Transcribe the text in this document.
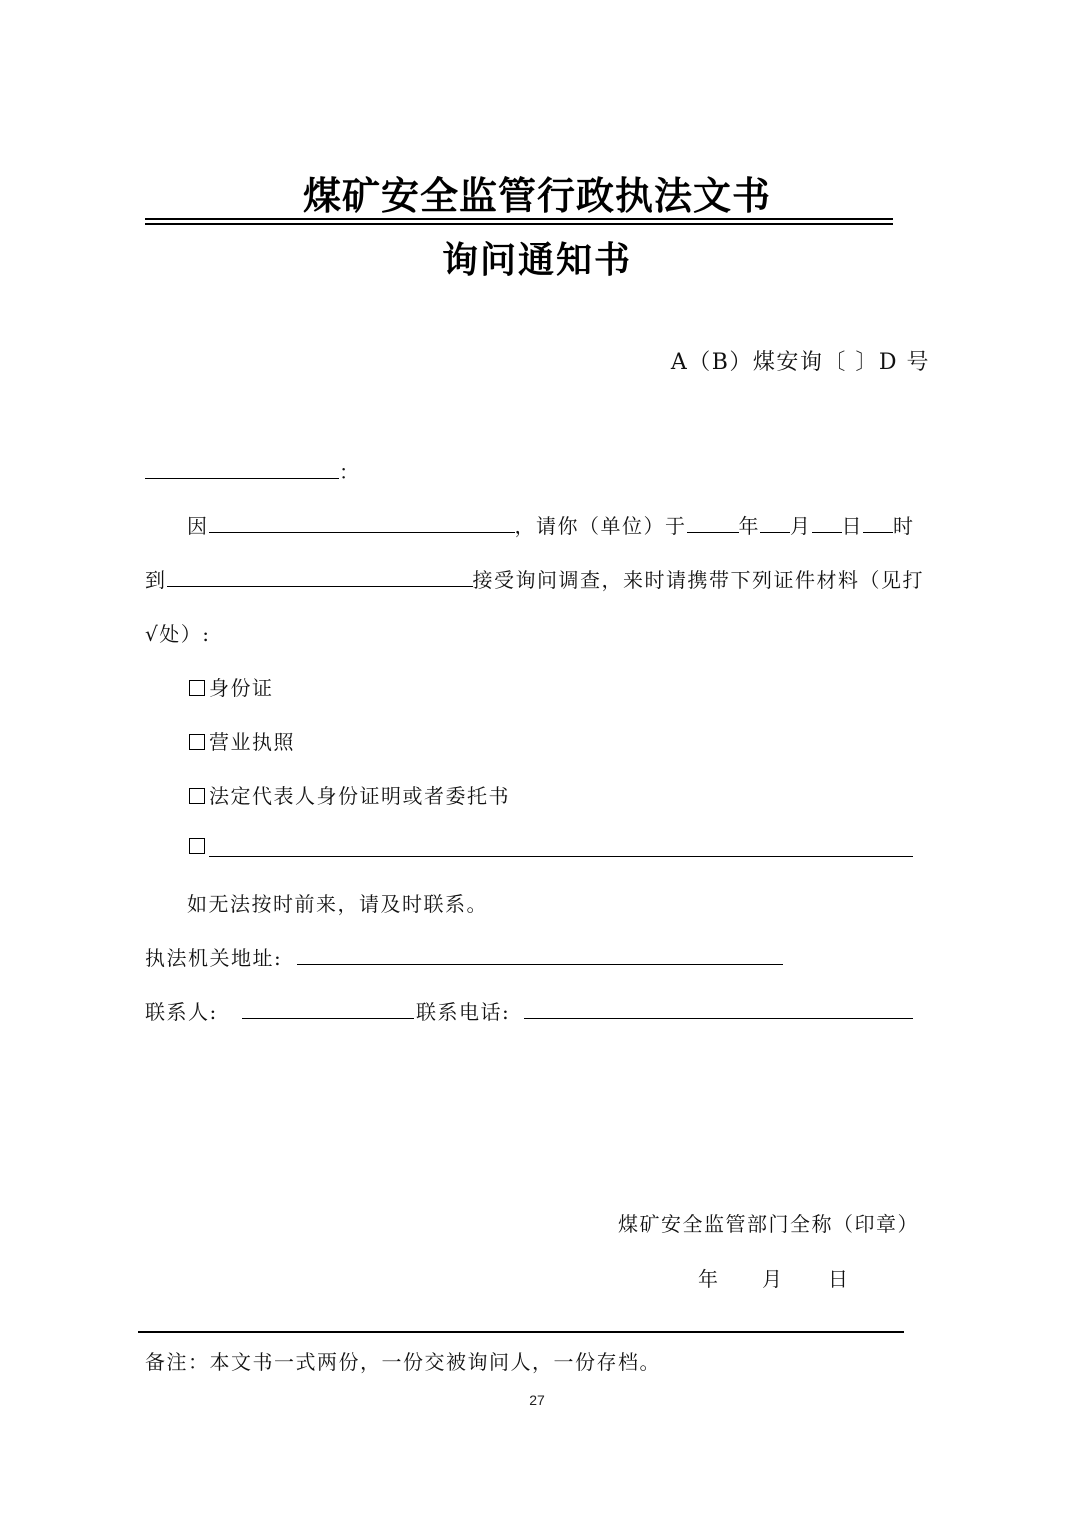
煤矿安全监管行政执法文书
询问通知书
A（B）煤安询〔 〕D 号
：
因	，请你（单位）于	年 月 日 时
到	接受询问调查，来时请携带下列证件材料（见打
√处）:
身份证
营业执照
法定代表人身份证明或者委托书
如无法按时前来，请及时联系。
执法机关地址:
联系人:	联系电话:
煤矿安全监管部门全称（印章）
年 月 日
备注：本文书一式两份，一份交被询问人，一份存档。
27
